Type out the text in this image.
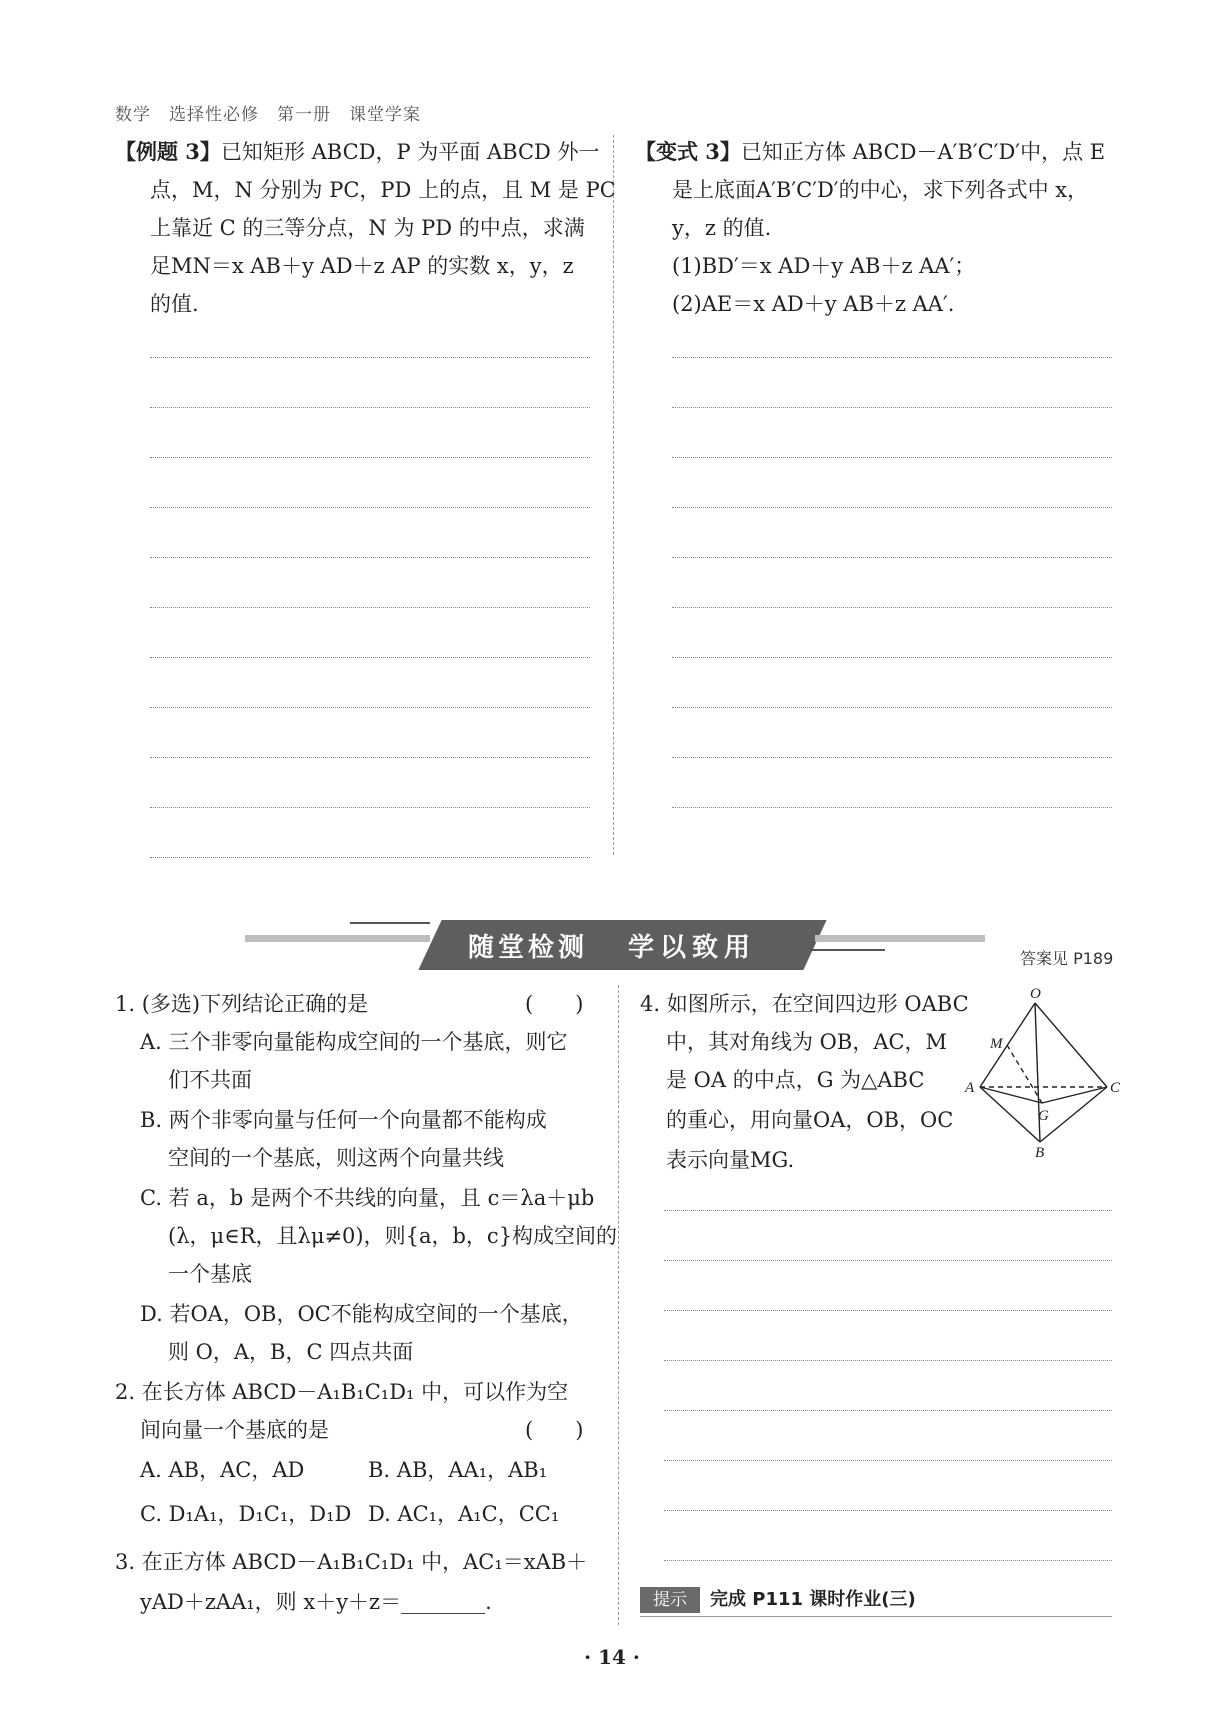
数学　选择性必修　第一册　课堂学案
【例题 3】已知矩形 ABCD，P 为平面 ABCD 外一
点，M，N 分别为 PC，PD 上的点，且 M 是 PC
上靠近 C 的三等分点，N 为 PD 的中点，求满
足MN＝x AB＋y AD＋z AP 的实数 x，y，z
的值.
【变式 3】已知正方体 ABCD－A′B′C′D′中，点 E
是上底面A′B′C′D′的中心，求下列各式中 x，
y，z 的值.
(1)BD′＝x AD＋y AB＋z AA′；
(2)AE＝x AD＋y AB＋z AA′.
随堂检测 学以致用	答案见 P189
1. (多选)下列结论正确的是	(　　)
A. 三个非零向量能构成空间的一个基底，则它
们不共面
B. 两个非零向量与任何一个向量都不能构成
空间的一个基底，则这两个向量共线
C. 若 a，b 是两个不共线的向量，且 c＝λa＋μb
(λ，μ∈R，且λμ≠0)，则{a，b，c}构成空间的
一个基底
D. 若OA，OB，OC不能构成空间的一个基底，
则 O，A，B，C 四点共面
2. 在长方体 ABCD－A₁B₁C₁D₁ 中，可以作为空
间向量一个基底的是	(　　)
A. AB，AC，AD	B. AB，AA₁，AB₁
C. D₁A₁，D₁C₁，D₁D D. AC₁，A₁C，CC₁
3. 在正方体 ABCD－A₁B₁C₁D₁ 中，AC₁＝xAB＋
yAD＋zAA₁，则 x＋y＋z＝________.
4. 如图所示，在空间四边形 OABC
中，其对角线为 OB，AC，M
是 OA 的中点，G 为△ABC
的重心，用向量OA，OB，OC
表示向量MG.
O
M
A	C
G
B
提示	完成 P111 课时作业(三)
· 14 ·
